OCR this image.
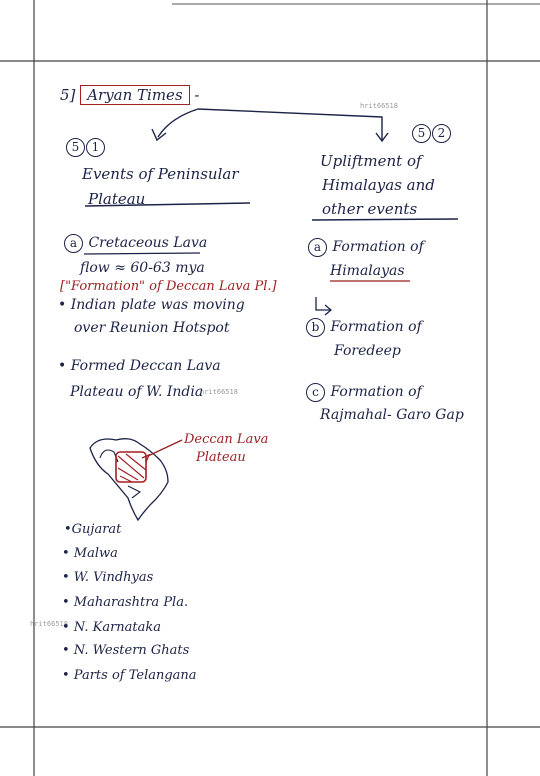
hrit66518
hrit66518
hrit66518
5] Aryan Times -
5 1
Events of Peninsular
Plateau
a Cretaceous Lava
flow ≈ 60-63 mya
["Formation" of Deccan Lava Pl.]
• Indian plate was moving
over Reunion Hotspot
• Formed Deccan Lava
Plateau of W. India
Deccan Lava
Plateau
•Gujarat
• Malwa
• W. Vindhyas
• Maharashtra Pla.
• N. Karnataka
• N. Western Ghats
• Parts of Telangana
5 2
Upliftment of
Himalayas and
other events
a Formation of
Himalayas
b Formation of
Foredeep
c Formation of
Rajmahal- Garo Gap
